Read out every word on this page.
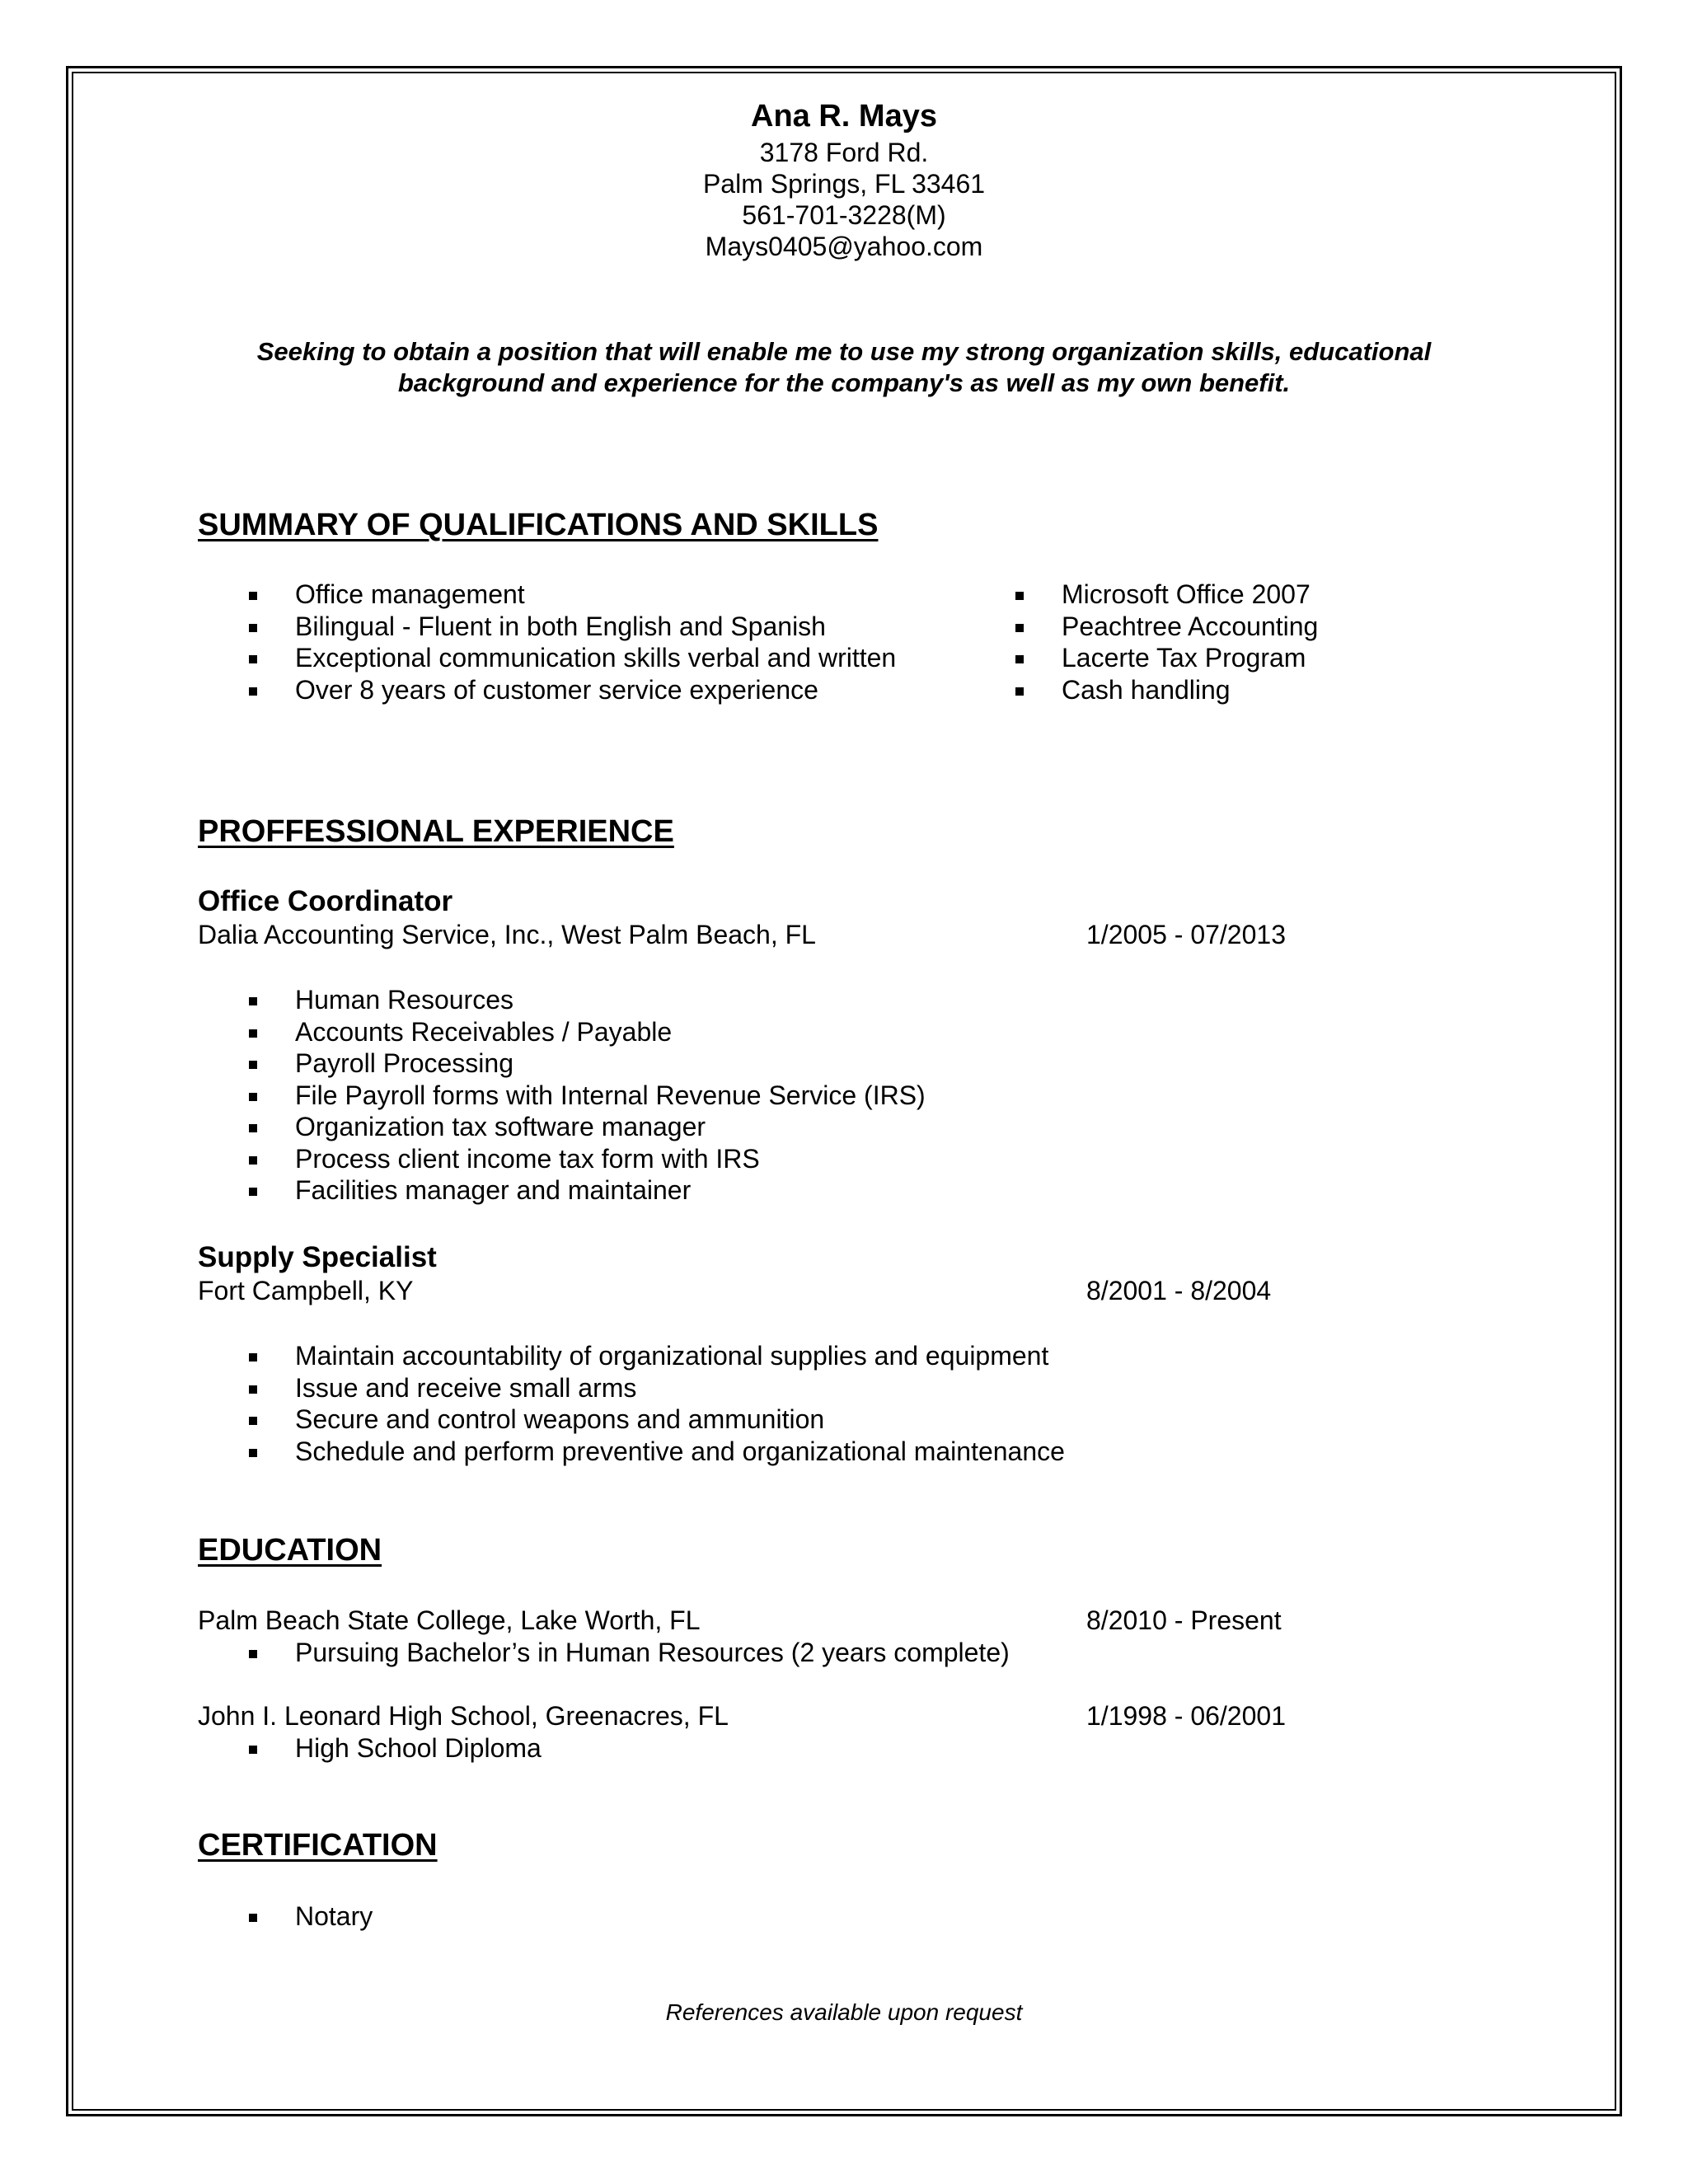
Ana R. Mays
3178 Ford Rd.
Palm Springs, FL 33461
561-701-3228(M)
Mays0405@yahoo.com
Seeking to obtain a position that will enable me to use my strong organization skills, educational
background and experience for the company's as well as my own benefit.
SUMMARY OF QUALIFICATIONS AND SKILLS
Office management
Bilingual - Fluent in both English and Spanish
Exceptional communication skills verbal and written
Over 8 years of customer service experience
Microsoft Office 2007
Peachtree Accounting
Lacerte Tax Program
Cash handling
PROFFESSIONAL EXPERIENCE
Office Coordinator
Dalia Accounting Service, Inc., West Palm Beach, FL	1/2005 - 07/2013
Human Resources
Accounts Receivables / Payable
Payroll Processing
File Payroll forms with Internal Revenue Service (IRS)
Organization tax software manager
Process client income tax form with IRS
Facilities manager and maintainer
Supply Specialist
Fort Campbell, KY	8/2001 - 8/2004
Maintain accountability of organizational supplies and equipment
Issue and receive small arms
Secure and control weapons and ammunition
Schedule and perform preventive and organizational maintenance
EDUCATION
Palm Beach State College, Lake Worth, FL	8/2010 - Present
Pursuing Bachelor’s in Human Resources (2 years complete)
John I. Leonard High School, Greenacres, FL	1/1998 - 06/2001
High School Diploma
CERTIFICATION
Notary
References available upon request
